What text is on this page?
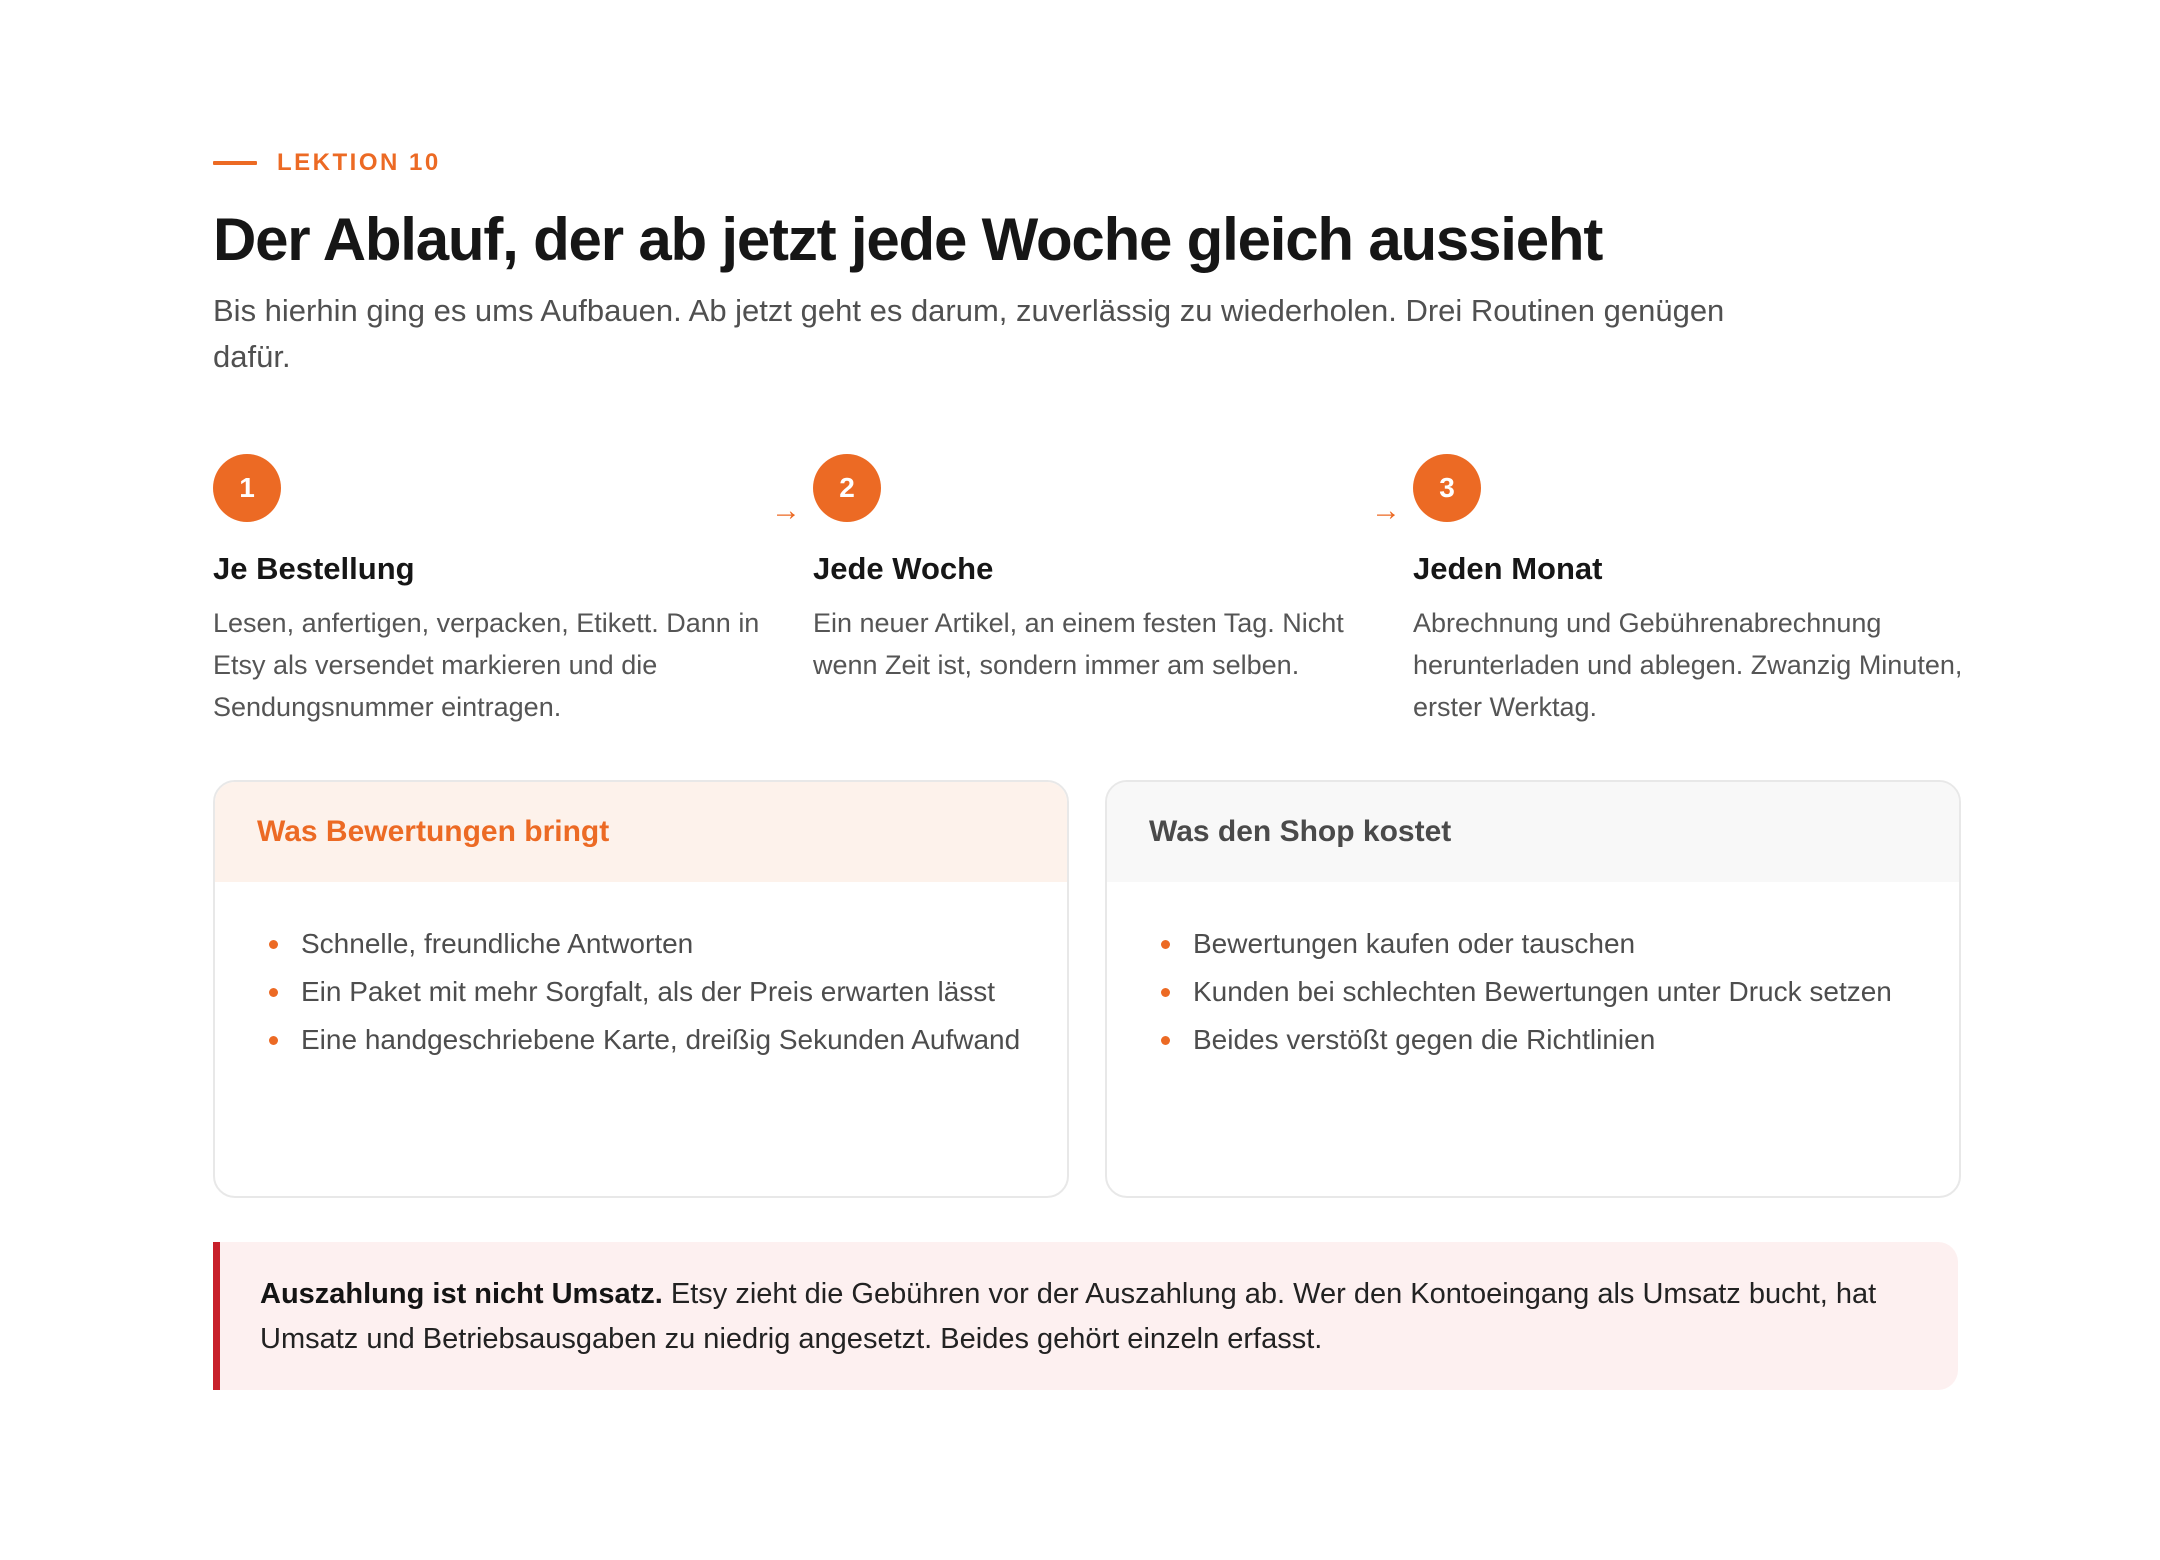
LEKTION 10
Der Ablauf, der ab jetzt jede Woche gleich aussieht

Bis hierhin ging es ums Aufbauen. Ab jetzt geht es darum, zuverlässig zu wiederholen. Drei Routinen genügen dafür.

1
Je Bestellung
Lesen, anfertigen, verpacken, Etikett. Dann in Etsy als versendet markieren und die Sendungsnummer eintragen.
→
2
Jede Woche
Ein neuer Artikel, an einem festen Tag. Nicht wenn Zeit ist, sondern immer am selben.
→
3
Jeden Monat
Abrechnung und Gebührenabrechnung herunterladen und ablegen. Zwanzig Minuten, erster Werktag.
Was Bewertungen bringt
Schnelle, freundliche Antworten
Ein Paket mit mehr Sorgfalt, als der Preis erwarten lässt
Eine handgeschriebene Karte, dreißig Sekunden Aufwand
Was den Shop kostet
Bewertungen kaufen oder tauschen
Kunden bei schlechten Bewertungen unter Druck setzen
Beides verstößt gegen die Richtlinien
Auszahlung ist nicht Umsatz. Etsy zieht die Gebühren vor der Auszahlung ab. Wer den Kontoeingang als Umsatz bucht, hat Umsatz und Betriebsausgaben zu niedrig angesetzt. Beides gehört einzeln erfasst.
